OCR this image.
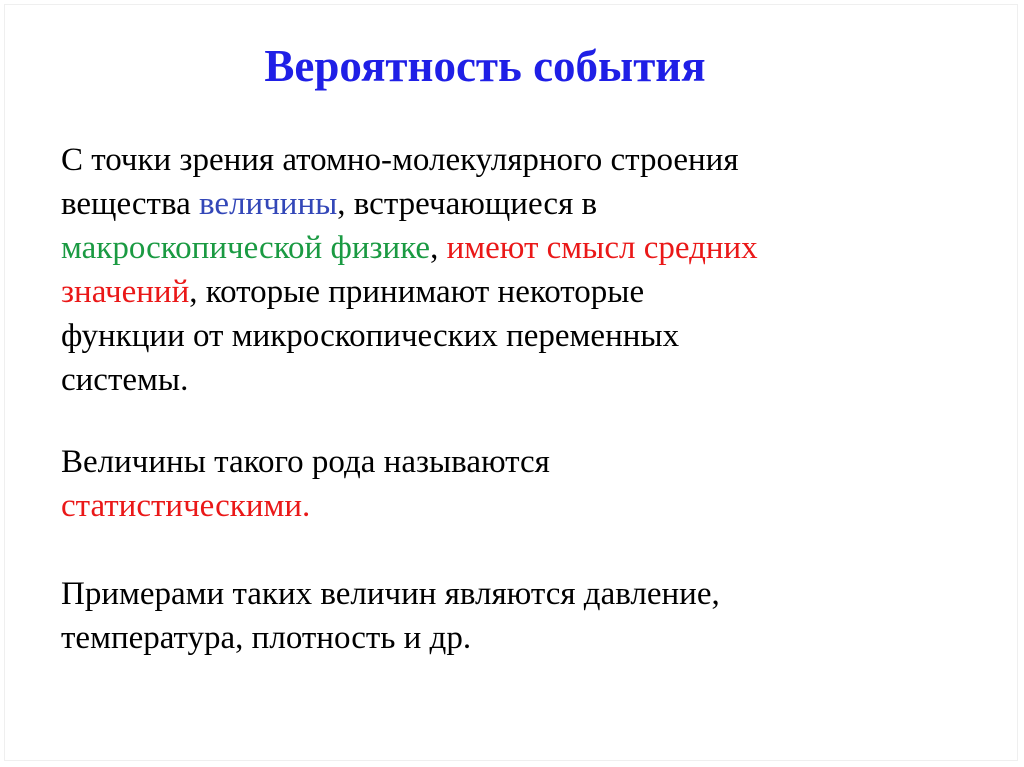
Вероятность события
С точки зрения атомно-молекулярного строения
вещества величины, встречающиеся в
макроскопической физике, имеют смысл средних
значений, которые принимают некоторые
функции от микроскопических переменных
системы.
Величины такого рода называются
статистическими.
Примерами таких величин являются давление,
температура, плотность и др.
